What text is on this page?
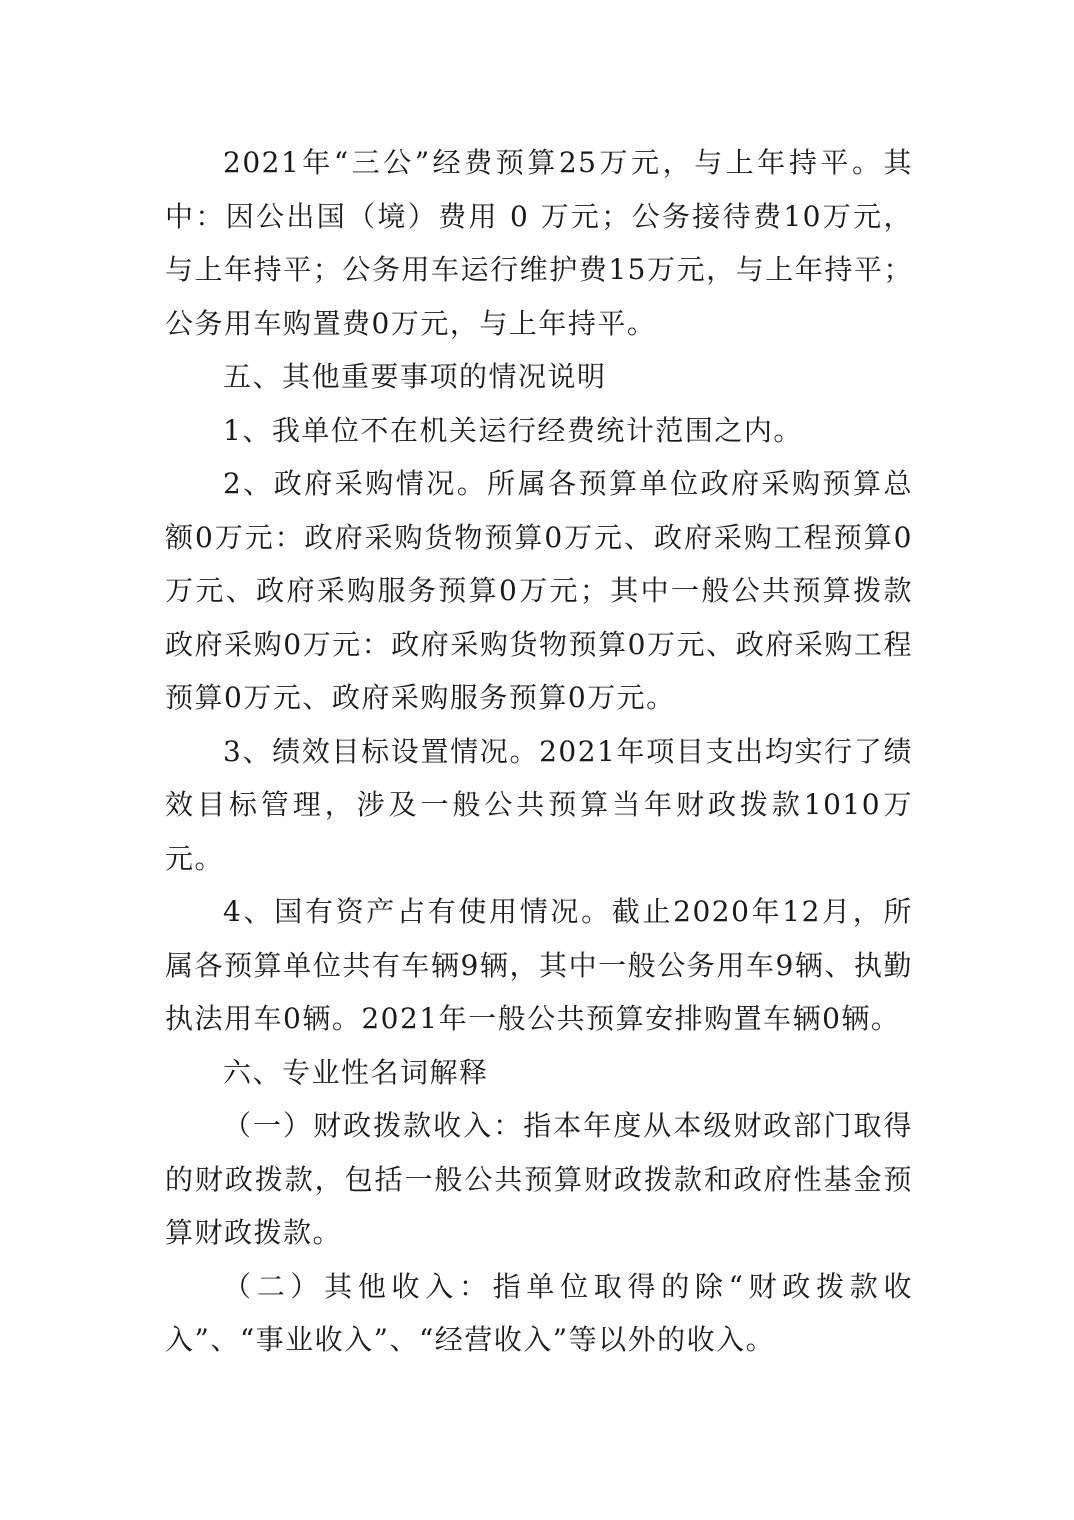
2021年“三公”经费预算25万元，与上年持平。其中：因公出国（境）费用 0 万元；公务接待费10万元，与上年持平；公务用车运行维护费15万元，与上年持平；公务用车购置费0万元，与上年持平。

五、其他重要事项的情况说明

1、我单位不在机关运行经费统计范围之内。

2、政府采购情况。所属各预算单位政府采购预算总额0万元：政府采购货物预算0万元、政府采购工程预算0万元、政府采购服务预算0万元；其中一般公共预算拨款政府采购0万元：政府采购货物预算0万元、政府采购工程预算0万元、政府采购服务预算0万元。

3、绩效目标设置情况。2021年项目支出均实行了绩效目标管理，涉及一般公共预算当年财政拨款1010万元。

4、国有资产占有使用情况。截止2020年12月，所属各预算单位共有车辆9辆，其中一般公务用车9辆、执勤执法用车0辆。2021年一般公共预算安排购置车辆0辆。

六、专业性名词解释

（一）财政拨款收入：指本年度从本级财政部门取得的财政拨款，包括一般公共预算财政拨款和政府性基金预算财政拨款。

（二）其他收入：指单位取得的除“财政拨款收入”、“事业收入”、“经营收入”等以外的收入。
